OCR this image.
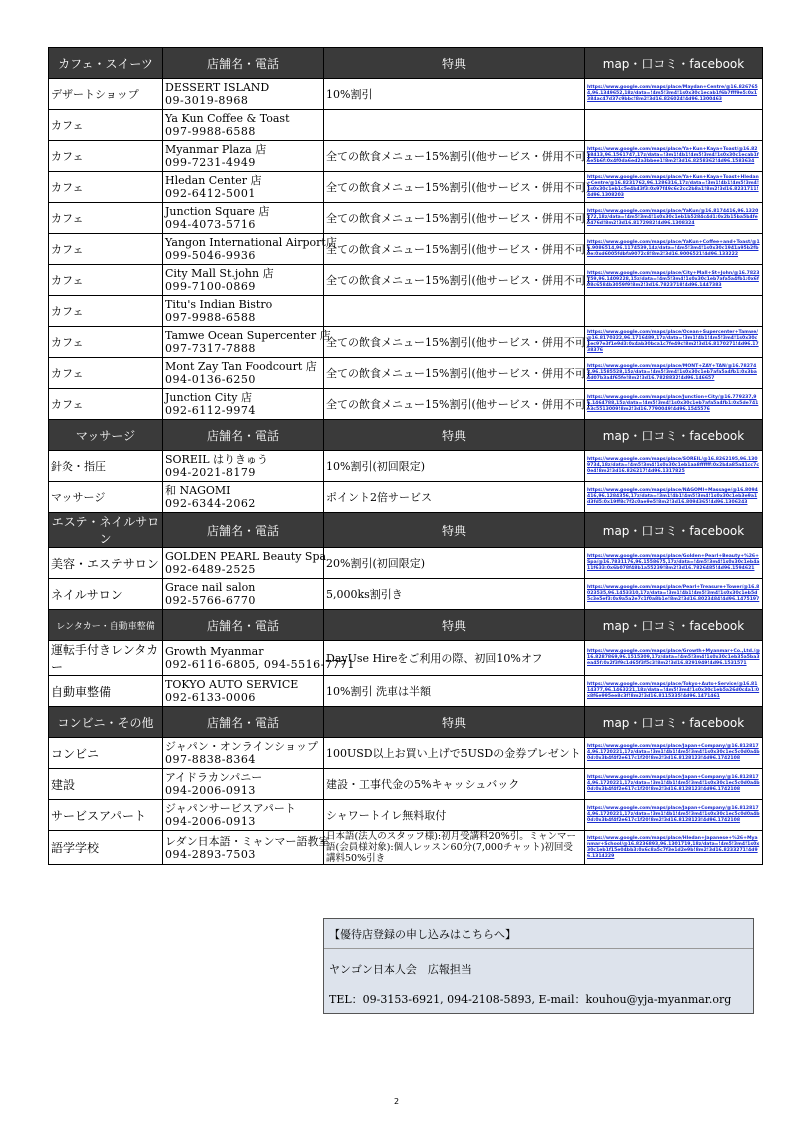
カフェ・スイーツ	店舗名・電話	特典	map・口コミ・facebook
デザートショップ	DESSERT ISLAND
09-3019-8968	10%割引	https://www.google.com/maps/place/Maydan+Centre/@16.8267654,96.1349652,18z/data=!4m5!3m4!1s0x30c1ecab1f6b7fff9e5:0x1384ac47d37c9bbc!8m2!3d16.826024!4d96.1300463
カフェ	Ya Kun Coffee & Toast
097-9988-6588		

カフェ	Myanmar Plaza 店
099-7231-4949	全ての飲食メニュー15%割引(他サービス・併用不可)	https://www.google.com/maps/place/Ya+Kun+Kaya+Toast/@16.8258413,96.1561747,17z/data=!3m1!4b1!4m5!3m4!1s0x30c1ecab1f6e5b6f:0x4f0da6ed2a3bbee1!8m2!3d16.8258362!4d96.1583634
カフェ	Hledan Center 店
092-6412-5001	全ての飲食メニュー15%割引(他サービス・併用不可)	https://www.google.com/maps/place/Ya+Kun+Kaya+Toast+Hledan+Centre/@16.8231762,96.1286316,17z/data=!3m1!4b1!4m5!3m4!1s0x30c1eb1c5e4b43f3:0x97f49c6c2cc2b8a1!8m2!3d16.8231711!4d96.1308203
カフェ	Junction Square 店
094-4073-5716	全ての飲食メニュー15%割引(他サービス・併用不可)	https://www.google.com/maps/place/YaKun/@16.8174416,96.1320272,18z/data=!4m5!3m4!1s0x30c1eb1b5284c4d1:0x2b15ba5b4fe5476d!8m2!3d16.8172982!4d96.1308324
カフェ	Yangon International Airport店
099-5046-9936	全ての飲食メニュー15%割引(他サービス・併用不可)	https://www.google.com/maps/place/YaKun+Coffee+and+Toast/@16.9086514,96.1174539,14z/data=!4m5!3m4!1s0x30c1941a95b2fb0e:0xd6005fdbfa9072c8!8m2!3d16.9006521!4d96.133222
カフェ	City Mall St.john 店
099-7100-0869	全ての飲食メニュー15%割引(他サービス・併用不可)	https://www.google.com/maps/place/City+Mall+St+John/@16.7823759,96.1409228,15z/data=!4m5!3m4!1s0x30c1eb7afa5a4fb1:0x6f08c6584b3059f9!8m2!3d16.7823718!4d96.1447383
カフェ	Titu's Indian Bistro
097-9988-6588		

カフェ	Tamwe Ocean Supercenter 店
097-7317-7888	全ての飲食メニュー15%割引(他サービス・併用不可)	https://www.google.com/maps/place/Ocean+Supercenter+Tamwe/@16.8170322,96.1716489,17z/data=!3m1!4b1!4m5!3m4!1s0x30c1ec97e3f1e9d3:0x4ab30bca1c7fe49c!8m2!3d16.8170271!4d96.1738376
カフェ	Mont Zay Tan Foodcourt 店
094-0136-6250	全ての飲食メニュー15%割引(他サービス・併用不可)	https://www.google.com/maps/place/MONT+ZAY+TAN/@16.782742,96.1585528,15z/data=!4m5!3m4!1s0x30c1eb7afa5a4fb1:0x3ba4d07b3a4f65fe!8m2!3d16.7828832!4d96.146657
カフェ	Junction City 店
092-6112-9974	全ての飲食メニュー15%割引(他サービス・併用不可)	https://www.google.com/maps/place/Junction+City/@16.779237,96.1464788,15z/data=!4m5!3m4!1s0x30c1eb7afa5a4fb1:0x5de741e3c5513009!8m2!3d16.7790049!4d96.1545576
マッサージ	店舗名・電話	特典	map・口コミ・facebook
針灸・指圧	SOREIL はりきゅう
094-2021-8179	10%割引(初回限定)	https://www.google.com/maps/place/SOREIL/@16.8262195,96.1309734,18z/data=!4m5!3m4!1s0x30c1eb1aa8ffffff:0x2b4a85a41cc7c0e4!8m2!3d16.826217!4d96.1317825
マッサージ	和 NAGOMI
092-6344-2062	ポイント2倍サービス	https://www.google.com/maps/place/NAGOMI+Massage/@16.8094416,96.1284356,17z/data=!3m1!4b1!4m5!3m4!1s0x30c1eb3e9a1d3fd5:0x19ff8c7f2c0ae9e5!8m2!3d16.8094365!4d96.1306243
エステ・ネイルサロン	店舗名・電話	特典	map・口コミ・facebook
美容・エステサロン	GOLDEN PEARL Beauty Spa
092-6489-2525	20%割引(初回限定)	https://www.google.com/maps/place/Golden+Pearl+Beauty+%26+Spa/@16.7831176,96.1558675,17z/data=!4m5!3m4!1s0x30c1eb4a11f633:0x6b078f48b1a55239!8m2!3d16.7826485!4d96.1594621
ネイルサロン	Grace nail salon
092-5766-6770	5,000ks割引き	https://www.google.com/maps/place/Pearl+Treasure+Tower/@16.8023535,96.1453310,17z/data=!3m1!4b1!4m5!3m4!1s0x30c1eb5d5c3e5ef3:0x9a5a2e7c1f0a8b1e!8m2!3d16.8023484!4d96.1475197
レンタカー・自動車整備	店舗名・電話	特典	map・口コミ・facebook
運転手付きレンタカー	Growth Myanmar
092-6116-6805, 094-5516-7771	DayUse Hireをご利用の際、初回10%オフ	https://www.google.com/maps/place/Growth+Myanmar+Co.,Ltd./@16.8287869,96.1515309,17z/data=!4m5!3m4!1s0x30c1eb35a5ba3ea45f:0x2f3f9c1d65f3f5c3!8m2!3d16.8291949!4d96.1531571
自動車整備	TOKYO AUTO SERVICE
092-6133-0006	10%割引 洗車は半額	https://www.google.com/maps/place/Tokyo+Auto+Service/@16.8114377,96.1463221,18z/data=!4m5!3m4!1s0x30c1eb5a26d0c4a1:0x8f6e995ee8c3f!8m2!3d16.8115335!4d96.1471461
コンビニ・その他	店舗名・電話	特典	map・口コミ・facebook
コンビニ	ジャパン・オンラインショップ
097-8838-8364	100USD以上お買い上げで5USDの金券プレゼント	https://www.google.com/maps/place/Japan+Company/@16.8128174,96.1720221,17z/data=!3m1!4b1!4m5!3m4!1s0x30c1ec5c0d0a4b0d:0x3b4f4f2e617c1f20!8m2!3d16.8128123!4d96.1742108
建設	アイドラカンパニー
094-2006-0913	建設・工事代金の5%キャッシュバック	https://www.google.com/maps/place/Japan+Company/@16.8128174,96.1720221,17z/data=!3m1!4b1!4m5!3m4!1s0x30c1ec5c0d0a4b0d:0x3b4f4f2e617c1f20!8m2!3d16.8128123!4d96.1742108
サービスアパート	ジャパンサービスアパート
094-2006-0913	シャワートイレ無料取付	https://www.google.com/maps/place/Japan+Company/@16.8128174,96.1720221,17z/data=!3m1!4b1!4m5!3m4!1s0x30c1ec5c0d0a4b0d:0x3b4f4f2e617c1f20!8m2!3d16.8128123!4d96.1742108
語学学校	レダン日本語・ミャンマー語教室
094-2893-7503	日本語(法人のスタッフ様):初月受講料20%引。ミャンマー語(会員様対象):個人レッスン60分(7,000チャット)初回受講料50%引き	https://www.google.com/maps/place/Hledan+Japanese+%26+Myanmar+School/@16.8236893,96.1301719,18z/data=!4m5!3m4!1s0x30c1eb1f15e04bb3:0x6c8a5c7f3e1d2e9b!8m2!3d16.8233271!4d96.1314229
【優待店登録の申し込みはこちらへ】
ヤンゴン日本人会　広報担当
TEL：09-3153-6921, 094-2108-5893, E-mail：kouhou@yja-myanmar.org
2
